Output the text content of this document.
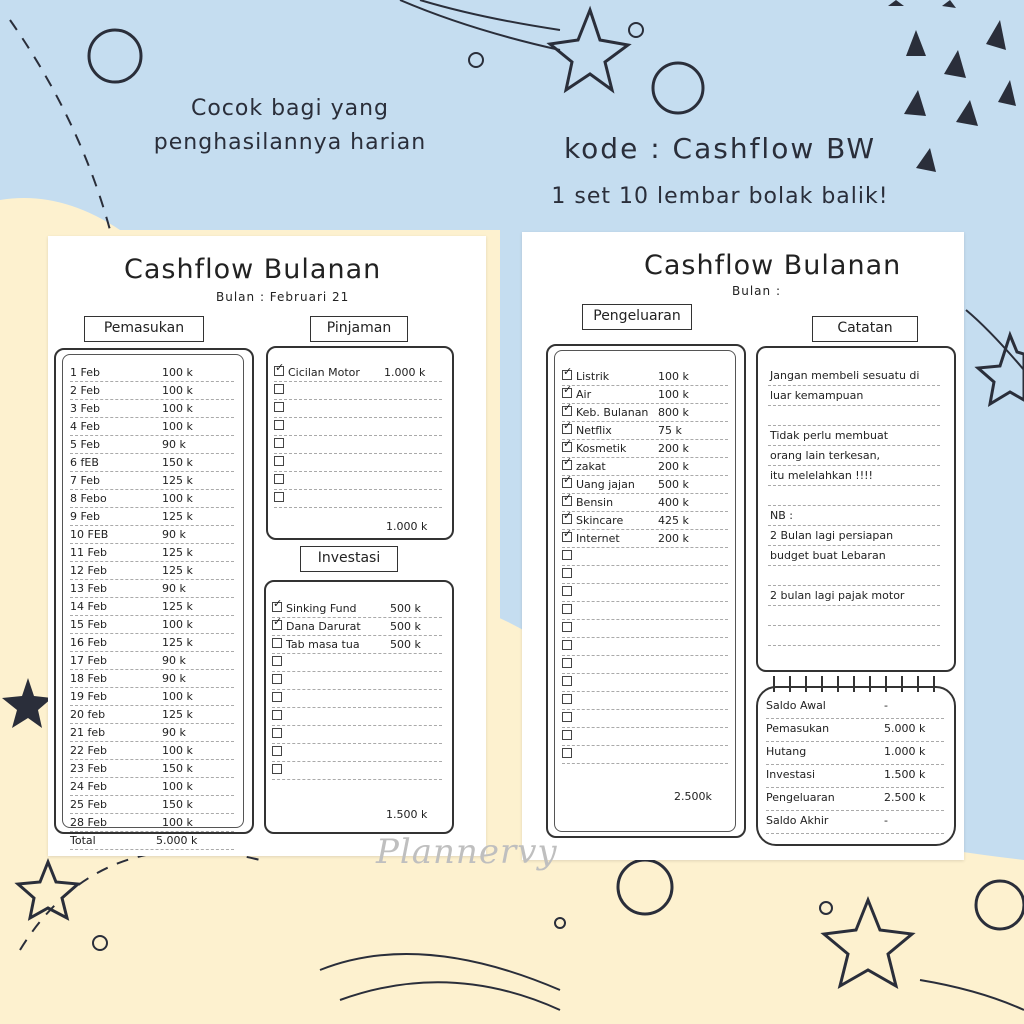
Cocok bagi yang
penghasilannya harian	kode : Cashflow BW
1 set 10 lembar bolak balik!
Cashflow Bulanan
Bulan : Februari 21
Pemasukan
1 Feb	100 k
2 Feb	100 k
3 Feb	100 k
4 Feb	100 k
5 Feb	90 k
6 fEB	150 k
7 Feb	125 k
8 Febo	100 k
9 Feb	125 k
10 FEB	90 k
11 Feb	125 k
12 Feb	125 k
13 Feb	90 k
14 Feb	125 k
15 Feb	100 k
16 Feb	125 k
17 Feb	90 k
18 Feb	90 k
19 Feb	100 k
20 feb	125 k
21 feb	90 k
22 Feb	100 k
23 Feb	150 k
24 Feb	100 k
25 Feb	150 k
28 Feb	100 k
Total	5.000 k
Pinjaman
✓
Cicilan Motor 1.000 k
1.000 k
Investasi
✓
Sinking Fund	500 k
✓
Dana Darurat	500 k
Tab masa tua	500 k
1.500 k
Cashflow Bulanan
Bulan :
Pengeluaran
✓
Listrik	100 k
✓
Air	100 k
✓
Keb. Bulanan 800 k
✓
Netflix	75 k
✓
Kosmetik	200 k
✓
zakat	200 k
✓
Uang jajan 500 k
✓
Bensin	400 k
✓
Skincare	425 k
✓
Internet	200 k
2.500k
Catatan
Jangan membeli sesuatu di
luar kemampuan
Tidak perlu membuat
orang lain terkesan,
itu melelahkan !!!!
NB :
2 Bulan lagi persiapan
budget buat Lebaran
2 bulan lagi pajak motor
Saldo Awal	-
Pemasukan	5.000 k
Hutang	1.000 k
Investasi	1.500 k
Pengeluaran	2.500 k
Saldo Akhir	-
Plannervy
